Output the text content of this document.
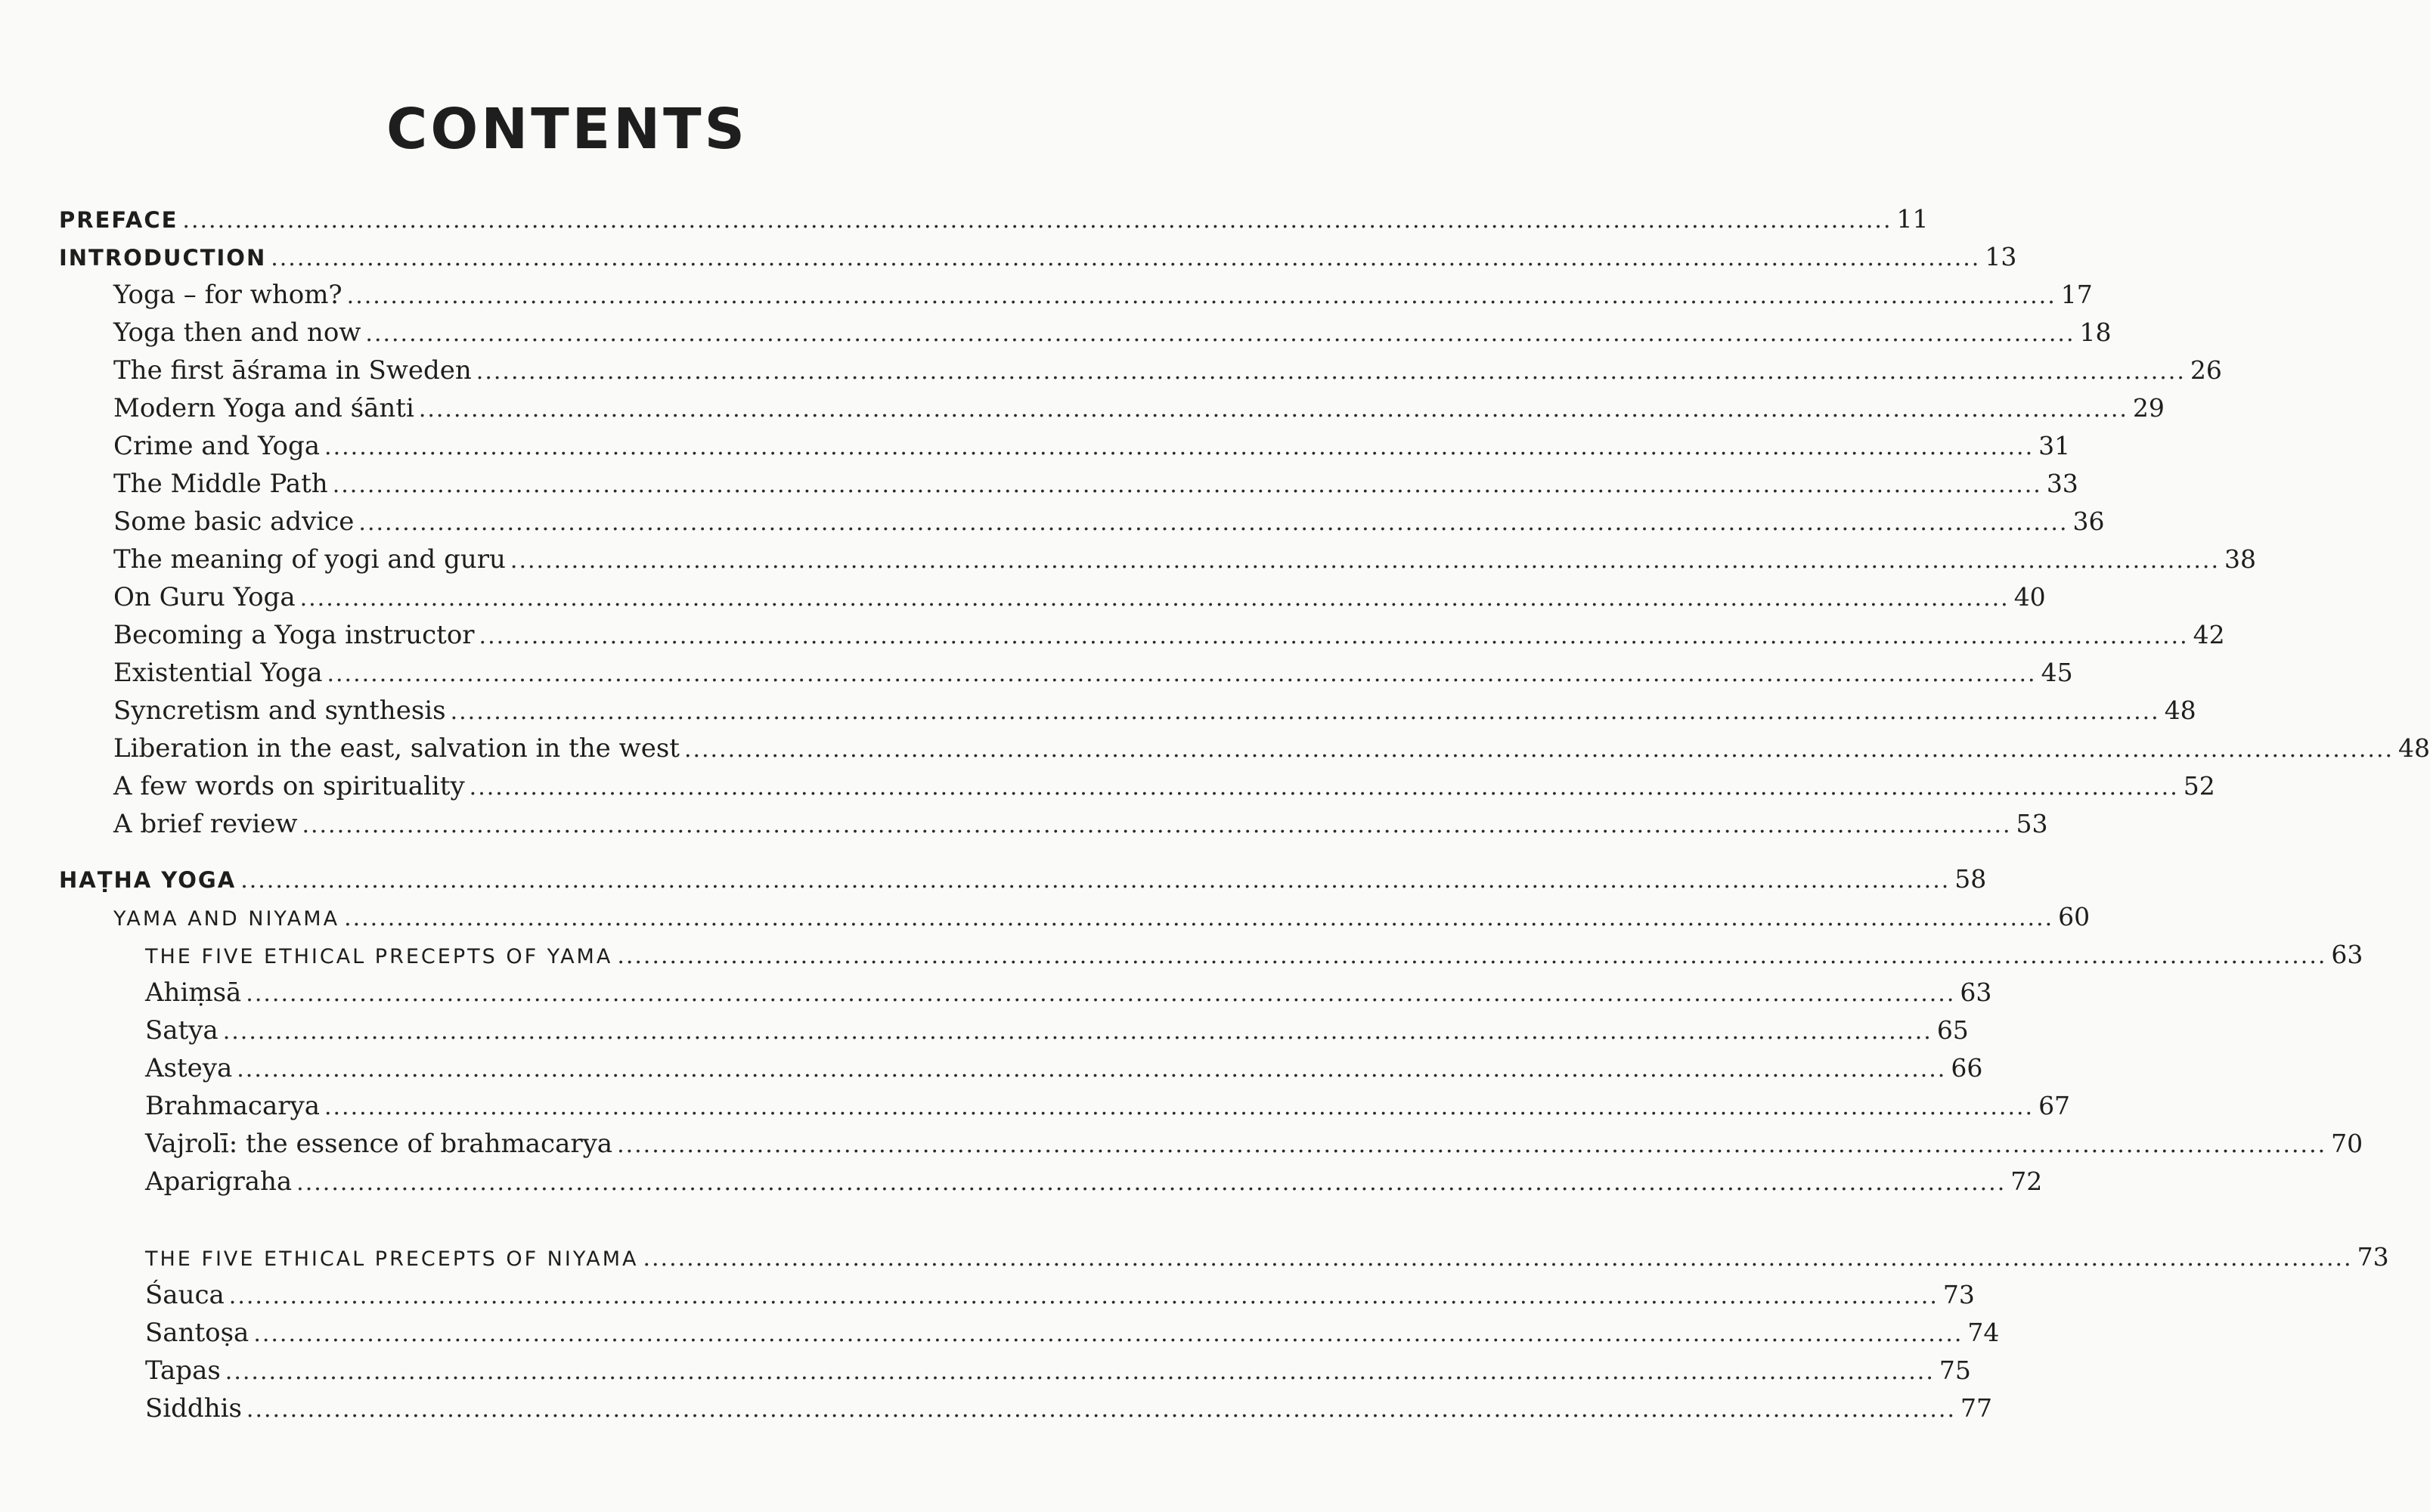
CONTENTS
PREFACE .................................................................................................................................................................................................... 11
INTRODUCTION .................................................................................................................................................................................................... 13
Yoga – for whom? .................................................................................................................................................................................................... 17
Yoga then and now .................................................................................................................................................................................................... 18
The first āśrama in Sweden .................................................................................................................................................................................................... 26
Modern Yoga and śānti .................................................................................................................................................................................................... 29
Crime and Yoga .................................................................................................................................................................................................... 31
The Middle Path .................................................................................................................................................................................................... 33
Some basic advice .................................................................................................................................................................................................... 36
The meaning of yogi and guru .................................................................................................................................................................................................... 38
On Guru Yoga .................................................................................................................................................................................................... 40
Becoming a Yoga instructor .................................................................................................................................................................................................... 42
Existential Yoga .................................................................................................................................................................................................... 45
Syncretism and synthesis .................................................................................................................................................................................................... 48
Liberation in the east, salvation in the west .................................................................................................................................................................................................... 48
A few words on spirituality .................................................................................................................................................................................................... 52
A brief review .................................................................................................................................................................................................... 53
HAṬHA YOGA .................................................................................................................................................................................................... 58
YAMA AND NIYAMA .................................................................................................................................................................................................... 60
THE FIVE ETHICAL PRECEPTS OF YAMA .................................................................................................................................................................................................... 63
Ahiṃsā .................................................................................................................................................................................................... 63
Satya .................................................................................................................................................................................................... 65
Asteya .................................................................................................................................................................................................... 66
Brahmacarya .................................................................................................................................................................................................... 67
Vajrolī: the essence of brahmacarya .................................................................................................................................................................................................... 70
Aparigraha .................................................................................................................................................................................................... 72
THE FIVE ETHICAL PRECEPTS OF NIYAMA .................................................................................................................................................................................................... 73
Śauca .................................................................................................................................................................................................... 73
Santoṣa .................................................................................................................................................................................................... 74
Tapas .................................................................................................................................................................................................... 75
Siddhis .................................................................................................................................................................................................... 77
